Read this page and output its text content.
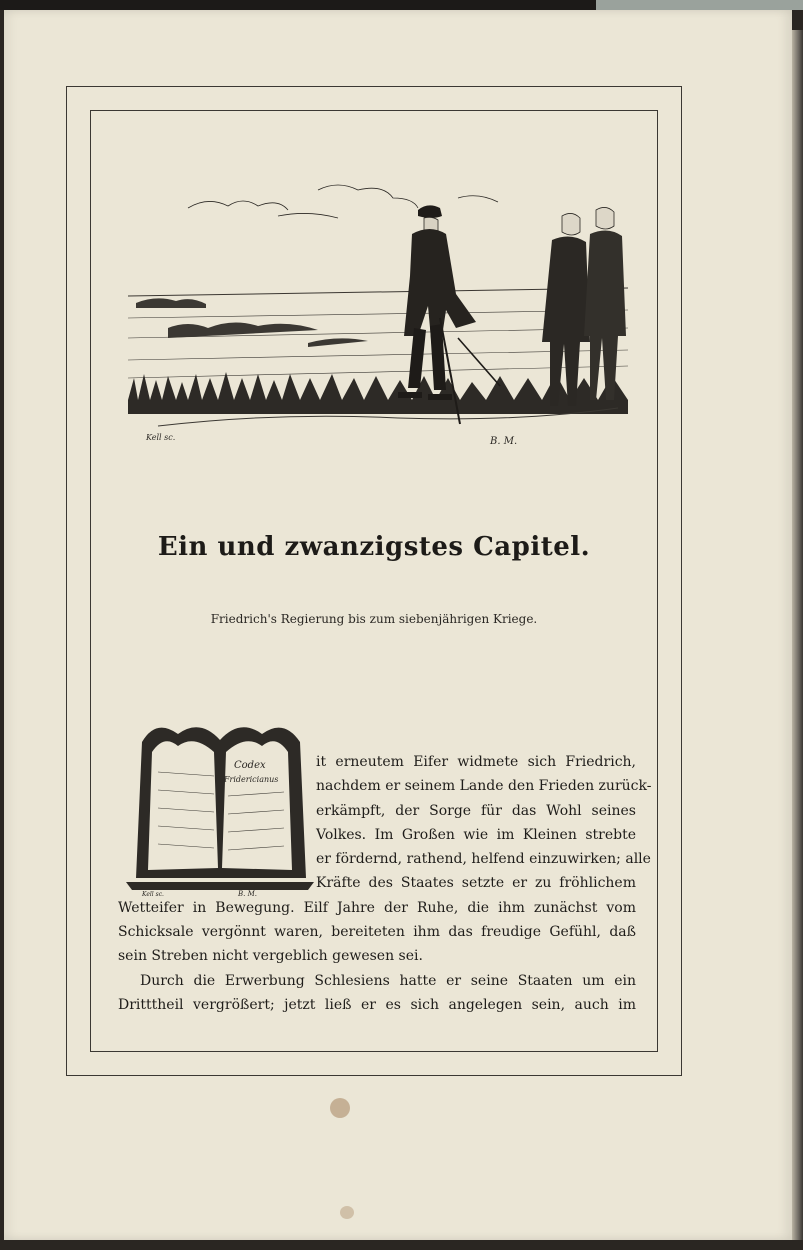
Kell sc.	B. M.
Ein und zwanzigstes Capitel.

Friedrich's Regierung bis zum siebenjährigen Kriege.

Codex
Fridericianus
Kell sc.	B. M.
it erneutem Eifer widmete sich Friedrich,
nachdem er seinem Lande den Frieden zurück-
erkämpft, der Sorge für das Wohl seines
Volkes. Im Großen wie im Kleinen strebte
er fördernd, rathend, helfend einzuwirken; alle
Kräfte des Staates setzte er zu fröhlichem
Wetteifer in Bewegung. Eilf Jahre der Ruhe, die ihm zunächst vom
Schicksale vergönnt waren, bereiteten ihm das freudige Gefühl, daß
sein Streben nicht vergeblich gewesen sei.
Durch die Erwerbung Schlesiens hatte er seine Staaten um ein
Dritttheil vergrößert; jetzt ließ er es sich angelegen sein, auch im
